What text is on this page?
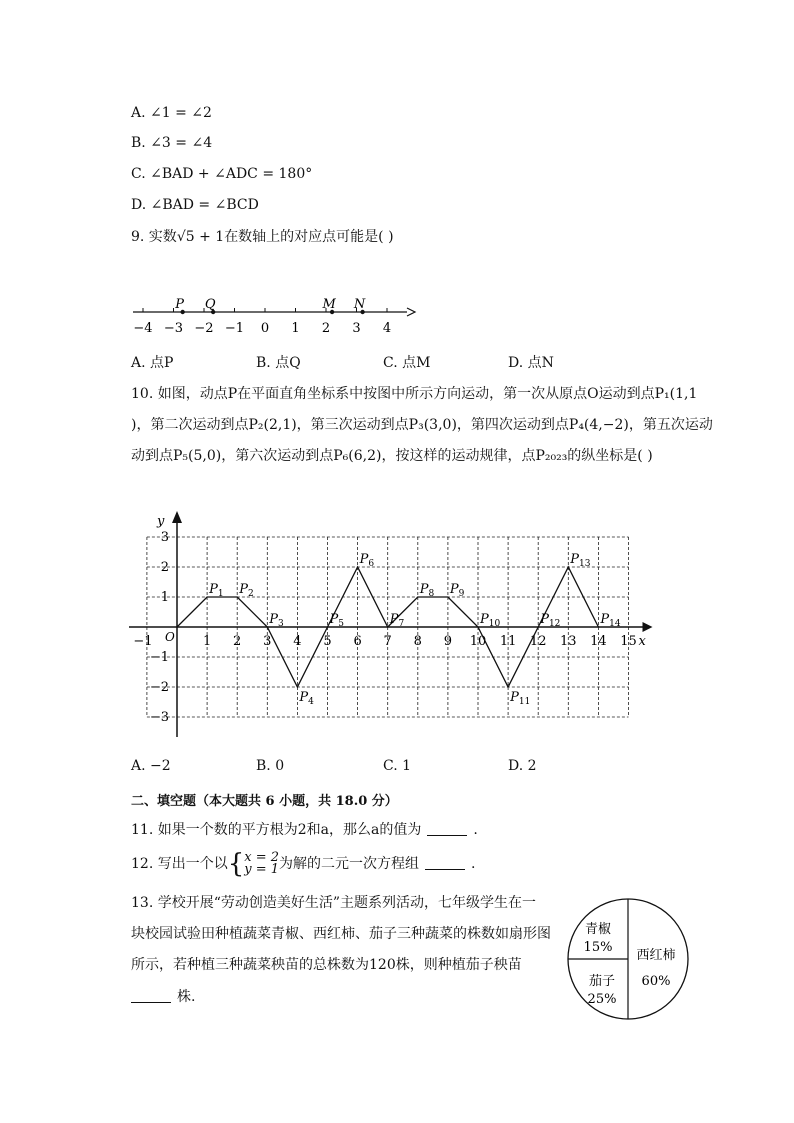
A. ∠1 = ∠2
B. ∠3 = ∠4
C. ∠BAD + ∠ADC = 180°
D. ∠BAD = ∠BCD
9. 实数√5 + 1在数轴上的对应点可能是( )
−4 −3 −2 −1 0 1 2 3 4
P Q	M N
A. 点P	B. 点Q	C. 点M	D. 点N
10. 如图，动点P在平面直角坐标系中按图中所示方向运动，第一次从原点O运动到点P₁(1,1
)，第二次运动到点P₂(2,1)，第三次运动到点P₃(3,0)，第四次运动到点P₄(4,−2)，第五次运动
动到点P₅(5,0)，第六次运动到点P₆(6,2)，按这样的运动规律，点P₂₀₂₃的纵坐标是( )
x
y
O
−1	1 2 3 4 5 6 7 8 9 10 11 12 13 14 15
3
2
1
−1
−2
−3
$P_1$ $P_2$
$P_3$
$P_4$
$P_5$
$P_6$
$P_7$
$P_8$ $P_9$
$P_{10}$
$P_{11}$
$P_{12}$
$P_{13}$
$P_{14}$
A. −2	B. 0	C. 1	D. 2
二、填空题（本大题共 6 小题，共 18.0 分）
11. 如果一个数的平方根为2和a，那么a的值为	.
12. 写出一个以{x = 2
y = 1为解的二元一次方程组	.
13. 学校开展“劳动创造美好生活”主题系列活动，七年级学生在一
块校园试验田种植蔬菜青椒、西红柿、茄子三种蔬菜的株数如扇形图
所示，若种植三种蔬菜秧苗的总株数为120株，则种植茄子秧苗
株.
青椒
15%
西红柿
60%
茄子
25%
